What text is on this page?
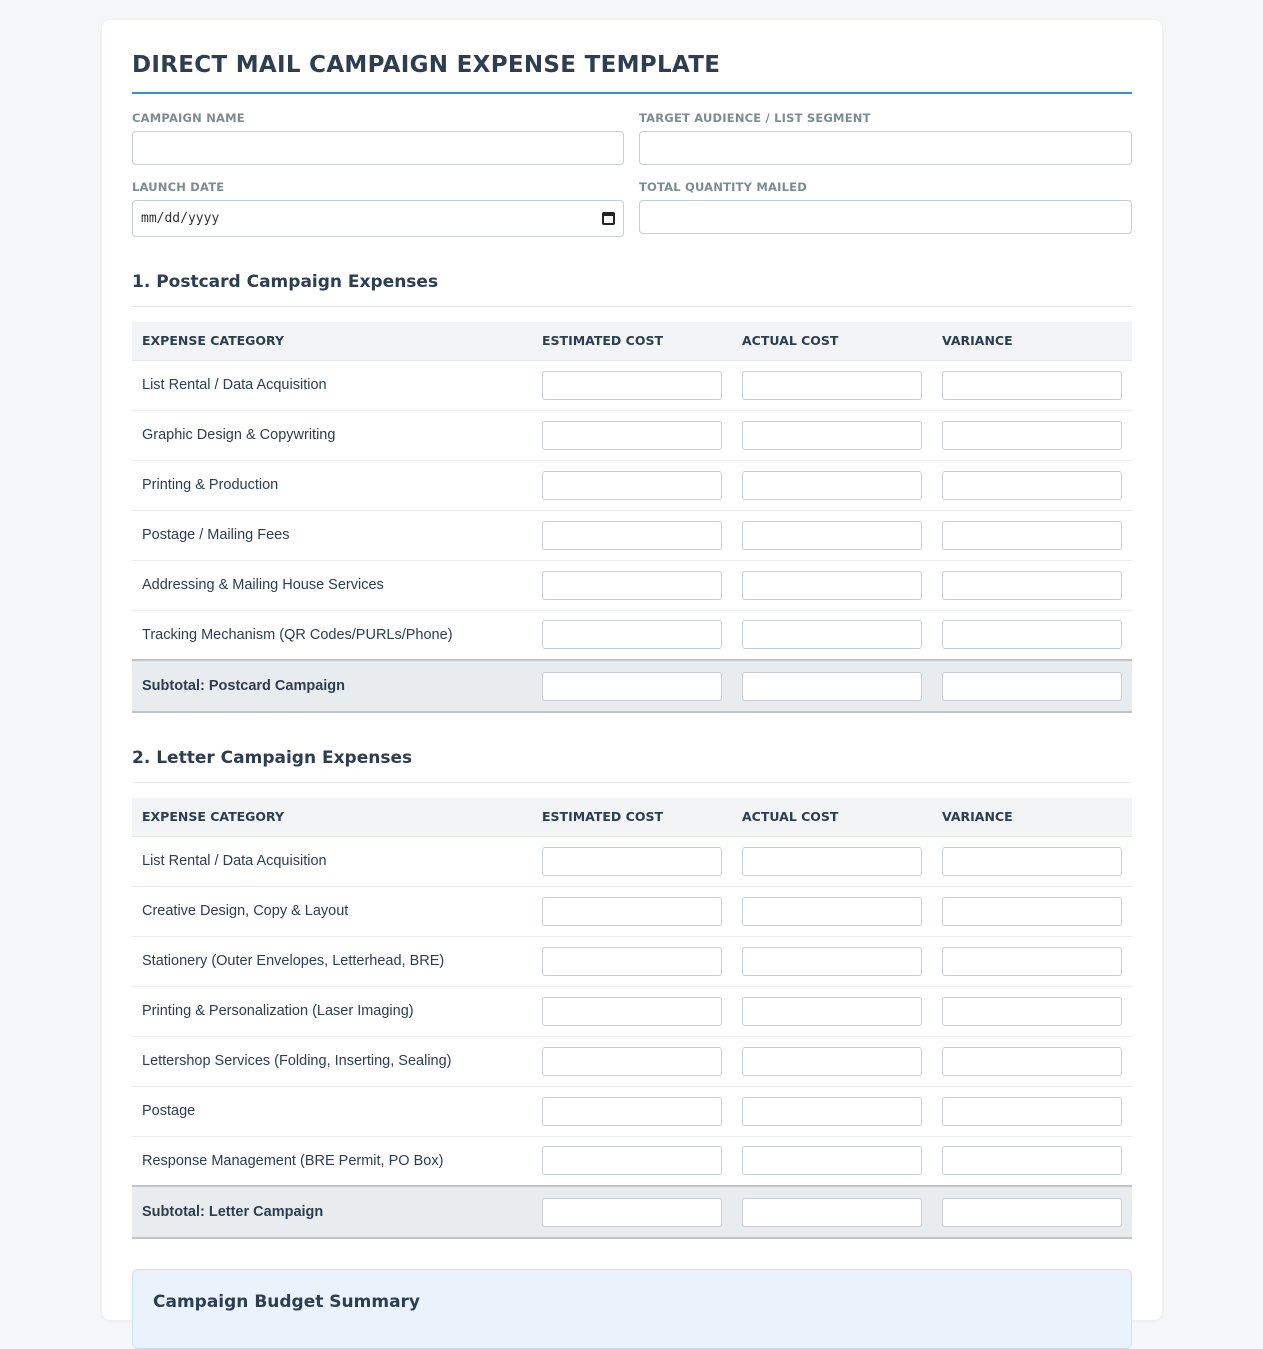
DIRECT MAIL CAMPAIGN EXPENSE TEMPLATE
CAMPAIGN NAME	TARGET AUDIENCE / LIST SEGMENT
LAUNCH DATE
mm/dd/yyyy
TOTAL QUANTITY MAILED
1. Postcard Campaign Expenses
EXPENSE CATEGORY	ESTIMATED COST	ACTUAL COST	VARIANCE
List Rental / Data Acquisition			
Graphic Design & Copywriting			
Printing & Production			
Postage / Mailing Fees			
Addressing & Mailing House Services			
Tracking Mechanism (QR Codes/PURLs/Phone)			
Subtotal: Postcard Campaign			
2. Letter Campaign Expenses
EXPENSE CATEGORY	ESTIMATED COST	ACTUAL COST	VARIANCE
List Rental / Data Acquisition			
Creative Design, Copy & Layout			
Stationery (Outer Envelopes, Letterhead, BRE)			
Printing & Personalization (Laser Imaging)			
Lettershop Services (Folding, Inserting, Sealing)			
Postage			
Response Management (BRE Permit, PO Box)			
Subtotal: Letter Campaign			
Campaign Budget Summary
